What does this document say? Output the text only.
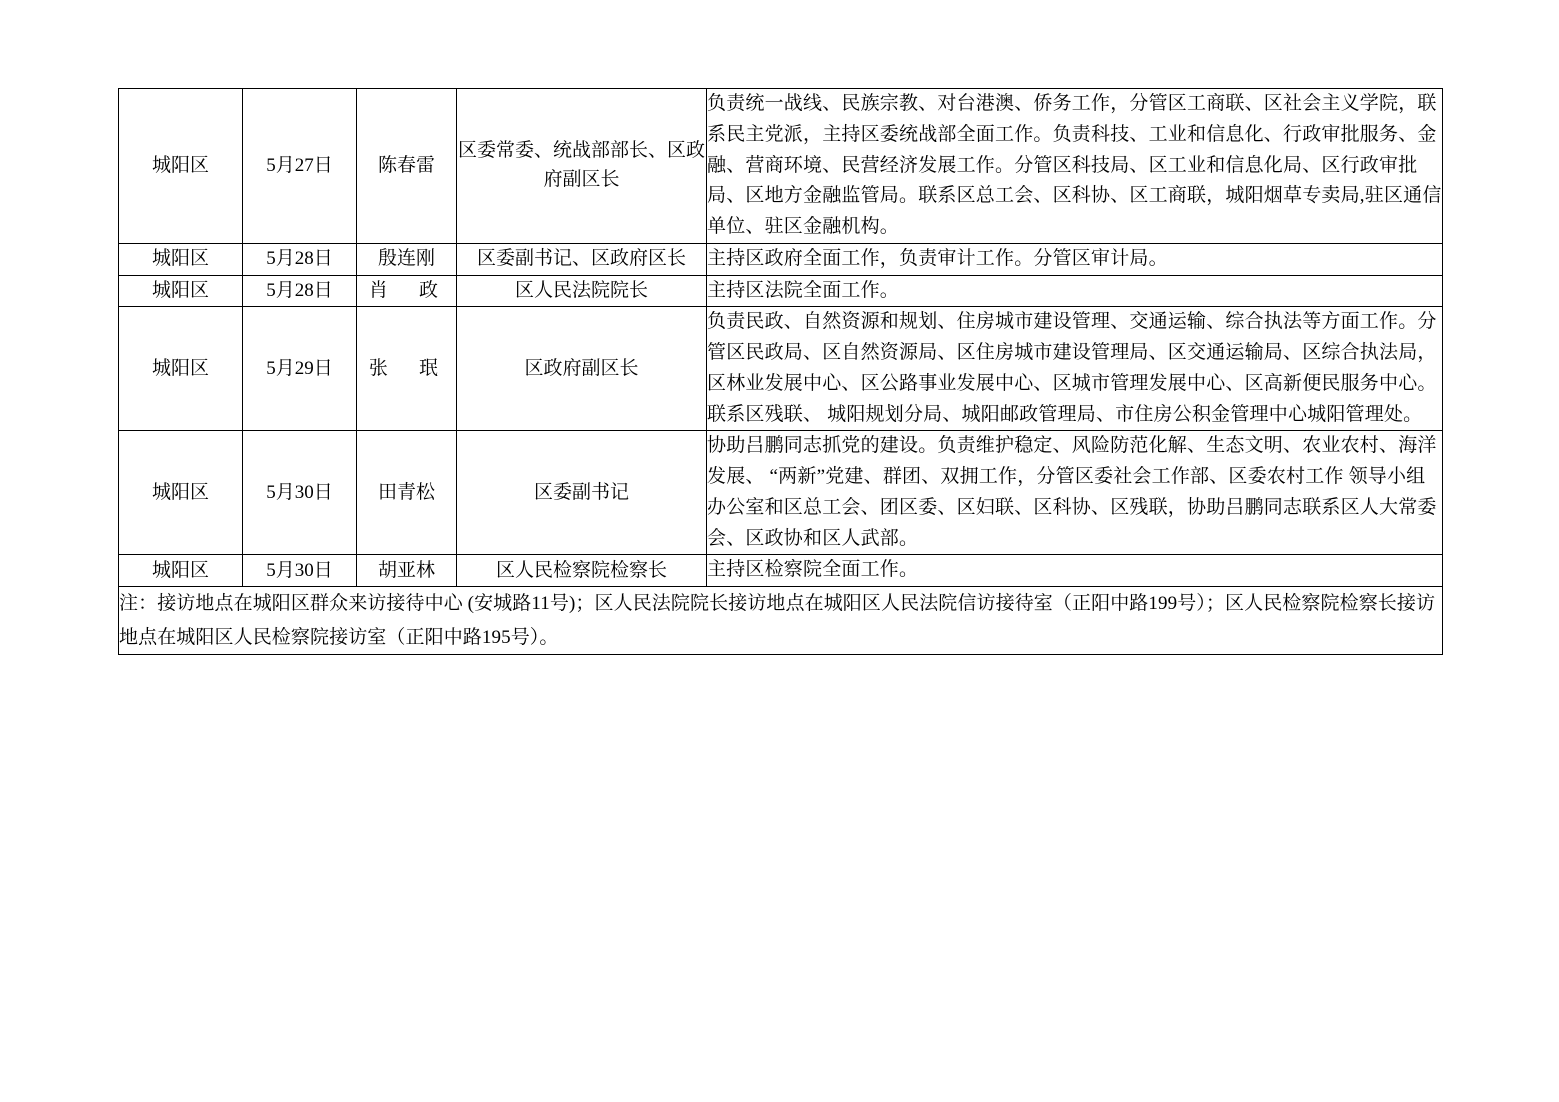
城阳区	5月27日	陈春雷	区委常委、统战部部长、区政府副区长	负责统一战线、民族宗教、对台港澳、侨务工作，分管区工商联、区社会主义学院，联系民主党派，主持区委统战部全面工作。负责科技、工业和信息化、行政审批服务、金融、营商环境、民营经济发展工作。分管区科技局、区工业和信息化局、区行政审批局、区地方金融监管局。联系区总工会、区科协、区工商联，城阳烟草专卖局,驻区通信单位、驻区金融机构。
城阳区	5月28日	殷连刚	区委副书记、区政府区长	主持区政府全面工作，负责审计工作。分管区审计局。
城阳区	5月28日	肖　政	区人民法院院长	主持区法院全面工作。
城阳区	5月29日	张　珉	区政府副区长	负责民政、自然资源和规划、住房城市建设管理、交通运输、综合执法等方面工作。分管区民政局、区自然资源局、区住房城市建设管理局、区交通运输局、区综合执法局，区林业发展中心、区公路事业发展中心、区城市管理发展中心、区高新便民服务中心。联系区残联、 城阳规划分局、城阳邮政管理局、市住房公积金管理中心城阳管理处。
城阳区	5月30日	田青松	区委副书记	协助吕鹏同志抓党的建设。负责维护稳定、风险防范化解、生态文明、农业农村、海洋发展、 “两新”党建、群团、双拥工作，分管区委社会工作部、区委农村工作 领导小组办公室和区总工会、团区委、区妇联、区科协、区残联，协助吕鹏同志联系区人大常委会、区政协和区人武部。
城阳区	5月30日	胡亚林	区人民检察院检察长	主持区检察院全面工作。
注：接访地点在城阳区群众来访接待中心 (安城路11号)；区人民法院院长接访地点在城阳区人民法院信访接待室（正阳中路199号）；区人民检察院检察长接访地点在城阳区人民检察院接访室（正阳中路195号）。				
